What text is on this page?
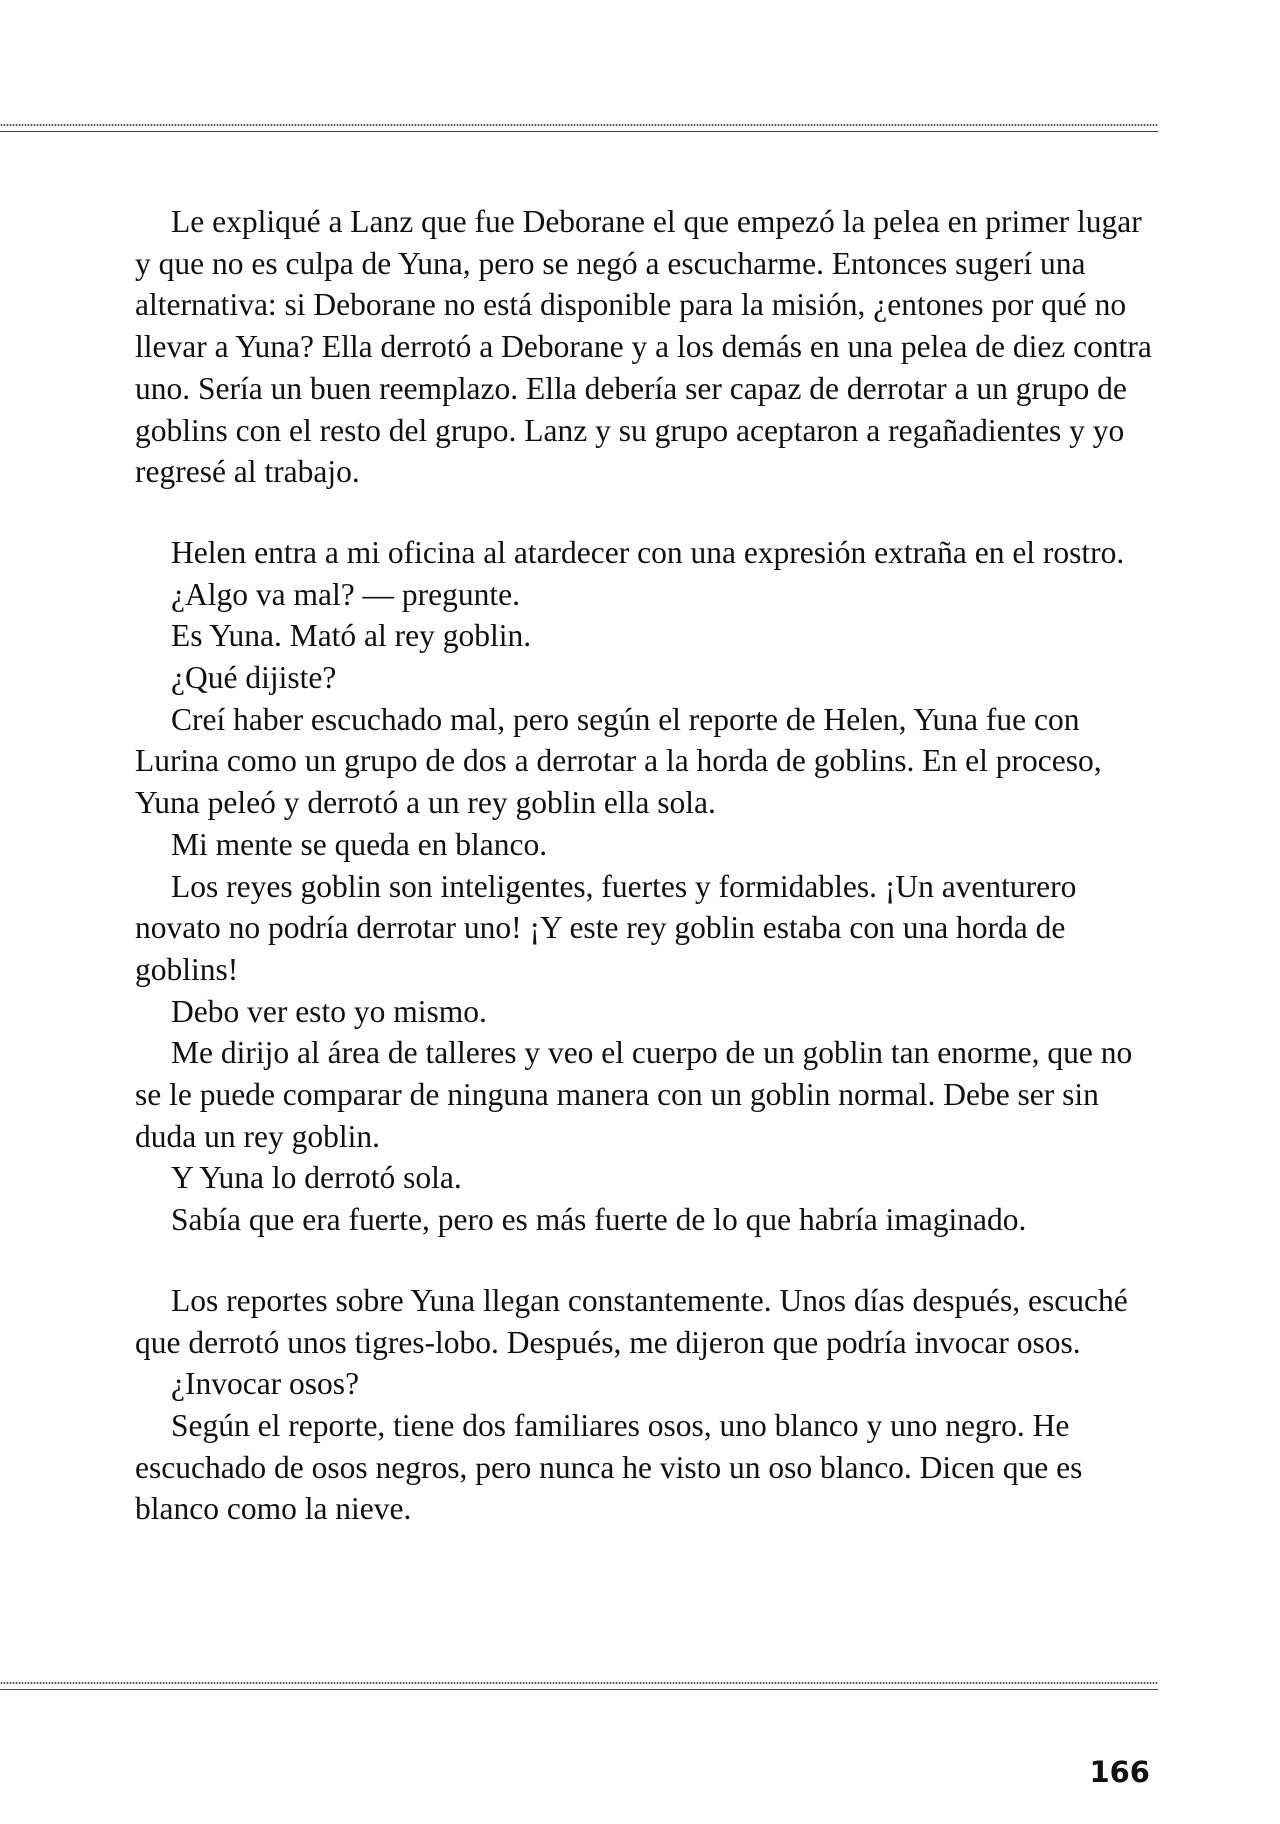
Le expliqué a Lanz que fue Deborane el que empezó la pelea en primer lugar y que no es culpa de Yuna, pero se negó a escucharme. Entonces sugerí una alternativa: si Deborane no está disponible para la misión, ¿entones por qué no llevar a Yuna? Ella derrotó a Deborane y a los demás en una pelea de diez contra uno. Sería un buen reemplazo. Ella debería ser capaz de derrotar a un grupo de goblins con el resto del grupo. Lanz y su grupo aceptaron a regañadientes y yo regresé al trabajo.

Helen entra a mi oficina al atardecer con una expresión extraña en el rostro.

¿Algo va mal? — pregunte.

Es Yuna. Mató al rey goblin.

¿Qué dijiste?

Creí haber escuchado mal, pero según el reporte de Helen, Yuna fue con Lurina como un grupo de dos a derrotar a la horda de goblins. En el proceso, Yuna peleó y derrotó a un rey goblin ella sola.

Mi mente se queda en blanco.

Los reyes goblin son inteligentes, fuertes y formidables. ¡Un aventurero novato no podría derrotar uno! ¡Y este rey goblin estaba con una horda de goblins!

Debo ver esto yo mismo.

Me dirijo al área de talleres y veo el cuerpo de un goblin tan enorme, que no se le puede comparar de ninguna manera con un goblin normal. Debe ser sin duda un rey goblin.

Y Yuna lo derrotó sola.

Sabía que era fuerte, pero es más fuerte de lo que habría imaginado.

Los reportes sobre Yuna llegan constantemente. Unos días después, escuché que derrotó unos tigres-lobo. Después, me dijeron que podría invocar osos.

¿Invocar osos?

Según el reporte, tiene dos familiares osos, uno blanco y uno negro. He escuchado de osos negros, pero nunca he visto un oso blanco. Dicen que es blanco como la nieve.

166
